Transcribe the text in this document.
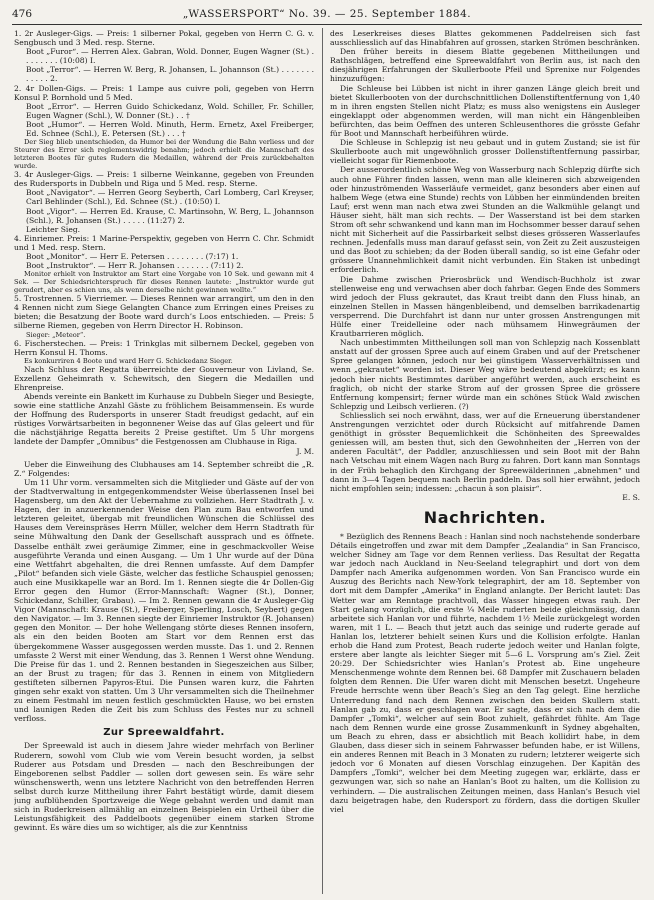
476	„WASSERSPORT“ No. 39. — 25. September 1884.

1. 2r Ausleger-Gigs. — Preis: 1 silberner Pokal, gegeben von Herrn C. G. v. Sengbusch und 3 Med. resp. Sterne.

Boot „Furor“. — Herren Alex. Gabran, Wold. Donner, Eugen Wagner (St.) . . . . . . . . (10:08) I.

Boot „Terror“. — Herren W. Berg, R. Johansen, L. Johannson (St.) . . . . . . . . . . . . 2.

2. 4r Dollen-Gigs. — Preis: 1 Lampe aus cuivre poli, gegeben von Herrn Konsul P. Bornhold und 5 Med.

Boot „Error“. — Herren Guido Schickedanz, Wold. Schiller, Fr. Schiller, Eugen Wagner (Schl.), W. Donner (St.) . . †

Boot „Humor“. — Herren Wold. Minuth, Herm. Ernetz, Axel Freiberger, Ed. Schnee (Schl.), E. Petersen (St.) . . . †

Der Sieg blieb unentschieden, da Humor bei der Wendung die Bahn verliess und der Steurer des Error sich reglementswidrig benahm; jedoch erhielt die Mannschaft des letzteren Bootes für gutes Rudern die Medaillen, während der Preis zurückbehalten wurde.

3. 4r Ausleger-Gigs. — Preis: 1 silberne Weinkanne, gegeben von Freunden des Rudersports in Dubbeln und Riga und 5 Med. resp. Sterne.

Boot „Navigator“. — Herren Georg Seyberth, Carl Lomberg, Carl Kreyser, Carl Behlinder (Schl.), Ed. Schnee (St.) . (10:50) I.

Boot „Vigor“. — Herren Ed. Krause, C. Martinsohn, W. Berg, L. Johannson (Schl.), R. Johansen (St.) . . . . . (11:27) 2.

Leichter Sieg.

4. Einriemer. Preis: 1 Marine-Perspektiv, gegeben von Herrn C. Chr. Schmidt und 1 Med. resp. Stern.

Boot „Monitor“. — Herr E. Petersen . . . . . . . . (7:17) 1.

Boot „Instruktor“. — Herr R. Johansen . . . . . . . (7:11) 2.

Monitor erhielt von Instruktor am Start eine Vorgabe von 10 Sek. und gewann mit 4 Sek. — Der Schiedsrichterspruch für dieses Rennen lautete: „Instruktor wurde gut gerudert, aber es schien uns, als wenn derselbe nicht gewinnen wollte.“

5. Trostrennen. 5 Vierriemer. — Dieses Rennen war arrangirt, um den in den 4 Rennen nicht zum Siege Gelangten Chance zum Erringen eines Preises zu bieten; die Besatzung der Boote ward durch’s Loos entschieden. — Preis: 5 silberne Riemen, gegeben von Herrn Director H. Robinson.

Sieger: „Meteor“.

6. Fischerstechen. — Preis: 1 Trinkglas mit silbernem Deckel, gegeben von Herrn Konsul H. Thoms.

Es konkurriren 4 Boote und ward Herr G. Schickedanz Sieger.

Nach Schluss der Regatta überreichte der Gouverneur von Livland, Se. Exzellenz Geheimrath v. Schewitsch, den Siegern die Medaillen und Ehrenpreise.

Abends vereinte ein Bankett im Kurhause zu Dubbeln Sieger und Besiegte, sowie eine stattliche Anzahl Gäste zu fröhlichem Beisammensein. Es wurde der Hoffnung des Rudersports in unserer Stadt freudigst gedacht, auf ein rüstiges Vorwärtsarbeiten in begonnener Weise das auf Glas geleert und für die nächstjährige Regatta bereits 2 Preise gestiftet. Um 5 Uhr morgens landete der Dampfer „Omnibus“ die Festgenossen am Clubhause in Riga.

J. M.

Ueber die Einweihung des Clubhauses am 14. September schreibt die „R. Z.“ Folgendes:

Um 11 Uhr vorm. versammelten sich die Mitglieder und Gäste auf der von der Stadtverwaltung in entgegenkommendster Weise überlassenen Insel bei Hagensberg, um den Akt der Uebernahme zu vollziehen. Herr Stadtrath J. v. Hagen, der in anzuerkennender Weise den Plan zum Bau entworfen und letzteren geleitet, übergab mit freundlichen Wünschen die Schlüssel des Hauses dem Vereinspräses Herrn Müller, welcher dem Herrn Stadtrath für seine Mühwaltung den Dank der Gesellschaft aussprach und es öffnete. Dasselbe enthält zwei geräumige Zimmer, eine in geschmackvoller Weise ausgeführte Veranda und einen Ausgang. — Um 1 Uhr wurde auf der Düna eine Wettfahrt abgehalten, die drei Rennen umfasste. Auf dem Dampfer „Pilot“ befanden sich viele Gäste, welcher das festliche Schauspiel genossen; auch eine Musikkapelle war an Bord. Im 1. Rennen siegte die 4r Dollen-Gig Error gegen den Humor (Error-Mannschaft: Wagner (St.), Donner, Schickedanz, Schiller, Grabau). — Im 2. Rennen gewann die 4r Ausleger-Gig Vigor (Mannschaft: Krause (St.), Freiberger, Sperling, Losch, Seybert) gegen den Navigator. — Im 3. Rennen siegte der Einriemer Instruktor (R. Johansen) gegen den Monitor. — Der hohe Wellengang störte dieses Rennen insofern, als ein den beiden Booten am Start vor dem Rennen erst das übergekommene Wasser ausgegossen werden musste. Das 1. und 2. Rennen umfasste 2 Werst mit einer Wendung, das 3. Rennen 1 Werst ohne Wendung. Die Preise für das 1. und 2. Rennen bestanden in Siegeszeichen aus Silber, an der Brust zu tragen; für das 3. Rennen in einem von Mitgliedern gestifteten silbernen Papyros-Etui. Die Punsen waren kurz, die Fahrten gingen sehr exakt von statten. Um 3 Uhr versammelten sich die Theilnehmer zu einem Festmahl im neuen festlich geschmückten Hause, wo bei ernsten und launigen Reden die Zeit bis zum Schluss des Festes nur zu schnell verfloss.

Zur Spreewaldfahrt.

Der Spreewald ist auch in diesem Jahre wieder mehrfach von Berliner Ruderern, sowohl vom Club wie vom Verein besucht worden, ja selbst Ruderer aus Potsdam und Dresden — nach den Beschreibungen der Eingeborenen selbst Paddler — sollen dort gewesen sein. Es wäre sehr wünschenswerth, wenn uns letztere Nachricht von den betreffenden Herren selbst durch kurze Mittheilung ihrer Fahrt bestätigt würde, damit diesem jung aufblühenden Sportzweige die Wege gebahnt werden und damit man sich in Ruderkreisen allmählig an einzelnen Beispielen ein Urtheil über die Leistungsfähigkeit des Paddelboots gegenüber einem starken Strome gewinnt. Es wäre dies um so wichtiger, als die zur Kenntniss

des Leserkreises dieses Blattes gekommenen Paddelreisen sich fast ausschliesslich auf das Hinabfahren auf grossen, starken Strömen beschränken.

Den früher bereits in diesem Blatte gegebenen Mittheilungen und Rathschlägen, betreffend eine Spreewaldfahrt von Berlin aus, ist nach den diesjährigen Erfahrungen der Skullerboote Pfeil und Sprenixe nur Folgendes hinzuzufügen:

Die Schleuse bei Lübben ist nicht in ihrer ganzen Länge gleich breit und bietet Skullerbooten von der durchschnittlichen Dollenstiftentfernung von 1,40 m in ihren engsten Stellen nicht Platz; es muss also wenigstens ein Ausleger eingeklappt oder abgenommen werden, will man nicht ein Hängenbleiben befürchten, das beim Oeffnen des unteren Schleusenthores die grösste Gefahr für Boot und Mannschaft herbeiführen würde.

Die Schleuse in Schlepzig ist neu gebaut und in gutem Zustand; sie ist für Skullerboote auch mit ungewöhnlich grosser Dollenstiftentfernung passirbar, vielleicht sogar für Riemenboote.

Der ausserordentlich schöne Weg von Wasserburg nach Schlepzig dürfte sich auch ohne Führer finden lassen, wenn man alle kleineren sich abzweigenden oder hinzuströmenden Wasserläufe vermeidet, ganz besonders aber einen auf halbem Wege (etwa eine Stunde) rechts von Lübben her einmündenden breiten Lauf; erst wenn man nach etwa zwei Stunden an die Walkmühle gelangt und Häuser sieht, hält man sich rechts. — Der Wasserstand ist bei dem starken Strom oft sehr schwankend und kann man im Hochsommer besser darauf sehen nicht mit Sicherheit auf die Passirbarkeit selbst dieses grösseren Wasserlaufes rechnen. Jedenfalls muss man darauf gefasst sein, von Zeit zu Zeit auszusteigen und das Boot zu schieben; da der Boden überall sandig, so ist eine Gefahr oder grössere Unannehmlichkeit damit nicht verbunden. Ein Staken ist unbedingt erforderlich.

Die Dahme zwischen Prierosbrück und Wendisch-Buchholz ist zwar stellenweise eng und verwachsen aber doch fahrbar. Gegen Ende des Sommers wird jedoch der Fluss gekrautet, das Kraut treibt dann den Fluss hinab, an einzelnen Stellen in Massen hängenbleibend, und demselben barrikadenartig versperrend. Die Durchfahrt ist dann nur unter grossen Anstrengungen mit Hülfe einer Treidelleine oder nach mühsamem Hinwegräumen der Krautbarrieren möglich.

Nach unbestimmten Mittheilungen soll man von Schlepzig nach Kossenblatt anstatt auf der grossen Spree auch auf einem Graben und auf der Pretschener Spree gelangen können, jedoch nur bei günstigem Wasserverhältnissen und wenn „gekrautet“ worden ist. Dieser Weg wäre bedeutend abgekürzt; es kann jedoch hier nichts Bestimmtes darüber angeführt werden, auch erscheint es fraglich, ob nicht der starke Strom auf der grossen Spree die grössere Entfernung kompensirt; ferner würde man ein schönes Stück Wald zwischen Schlepzig und Leibsch verlieren. (?)

Schliesslich sei noch erwähnt, dass, wer auf die Erneuerung überstandener Anstrengungen verzichtet oder durch Rücksicht auf mitfahrende Damen genöthigt in grösster Bequemlichkeit die Schönheiten des Spreewaldes geniessen will, am besten thut, sich den Gewohnheiten der „Herren von der anderen Facultät“, der Paddler, anzuschliessen und sein Boot mit der Bahn nach Vetschau mit einem Wagen nach Burg zu fahren. Dort kann man Sonntags in der Früh behaglich den Kirchgang der Spreewälderinnen „abnehmen“ und dann in 3—4 Tagen bequem nach Berlin paddeln. Das soll hier erwähnt, jedoch nicht empfohlen sein; indessen: „chacun à son plaisir“.

E. S.

Nachrichten.

* Bezüglich des Rennens Beach : Hanlan sind noch nachstehende sonderbare Détails eingetroffen und zwar mit dem Dampfer „Zealandia“ in San Francisco, welcher Sidney am Tage vor dem Rennen verliess. Das Resultat der Regatta war jedoch nach Auckland in Neu-Seeland telegraphirt und dort von dem Dampfer nach Amerika aufgenommen worden. Von San Francisco wurde ein Auszug des Berichts nach New-York telegraphirt, der am 18. September von dort mit dem Dampfer „Amerika“ in England anlangte. Der Bericht lautet: Das Wetter war am Renntage prachtvoll, das Wasser hingegen etwas rauh. Der Start gelang vorzüglich, die erste ¼ Meile ruderten beide gleichmässig, dann arbeitete sich Hanlan vor und führte, nachdem 1½ Meile zurückgelegt worden waren, mit 1 L. — Beach thut jetzt auch das seinige und ruderte gerade auf Hanlan los, letzterer behielt seinen Kurs und die Kollision erfolgte. Hanlan erhob die Hand zum Protest, Beach ruderte jedoch weiter und Hanlan folgte, erstere aber langte als leichter Sieger mit 5—6 L. Vorsprung am’s Ziel. Zeit 20:29. Der Schiedsrichter wies Hanlan’s Protest ab. Eine ungeheure Menschenmenge wohnte dem Rennen bei. 68 Dampfer mit Zuschauern beladen folgten dem Rennen. Die Ufer waren dicht mit Menschen besetzt. Ungeheure Freude herrschte wenn über Beach’s Sieg an den Tag gelegt. Eine herzliche Unterredung fand nach dem Rennen zwischen den beiden Skullern statt. Hanlan gab zu, dass er geschlagen war. Er sagte, dass er sich nach dem die Dampfer „Tomki“, welcher auf sein Boot zuhielt, gefährdet fühlte. Am Tage nach dem Rennen wurde eine grosse Zusammenkunft in Sydney abgehalten, um Beach zu ehren, dass er absichtlich mit Beach kollidirt habe, in dem Glauben, dass dieser sich in seinem Fahrwasser befunden habe, er ist Willens, ein anderes Rennen mit Beach in 3 Monaten zu rudern; letzterer weigerte sich jedoch vor 6 Monaten auf diesen Vorschlag einzugehen. Der Kapitän des Dampfers „Tomki“, welcher bei dem Meeting zugegen war, erklärte, dass er gezwungen war, sich so nahe an Hanlan’s Boot zu halten, um die Kollision zu verhindern. — Die australischen Zeitungen meinen, dass Hanlan’s Besuch viel dazu beigetragen habe, den Rudersport zu fördern, dass die dortigen Skuller viel
